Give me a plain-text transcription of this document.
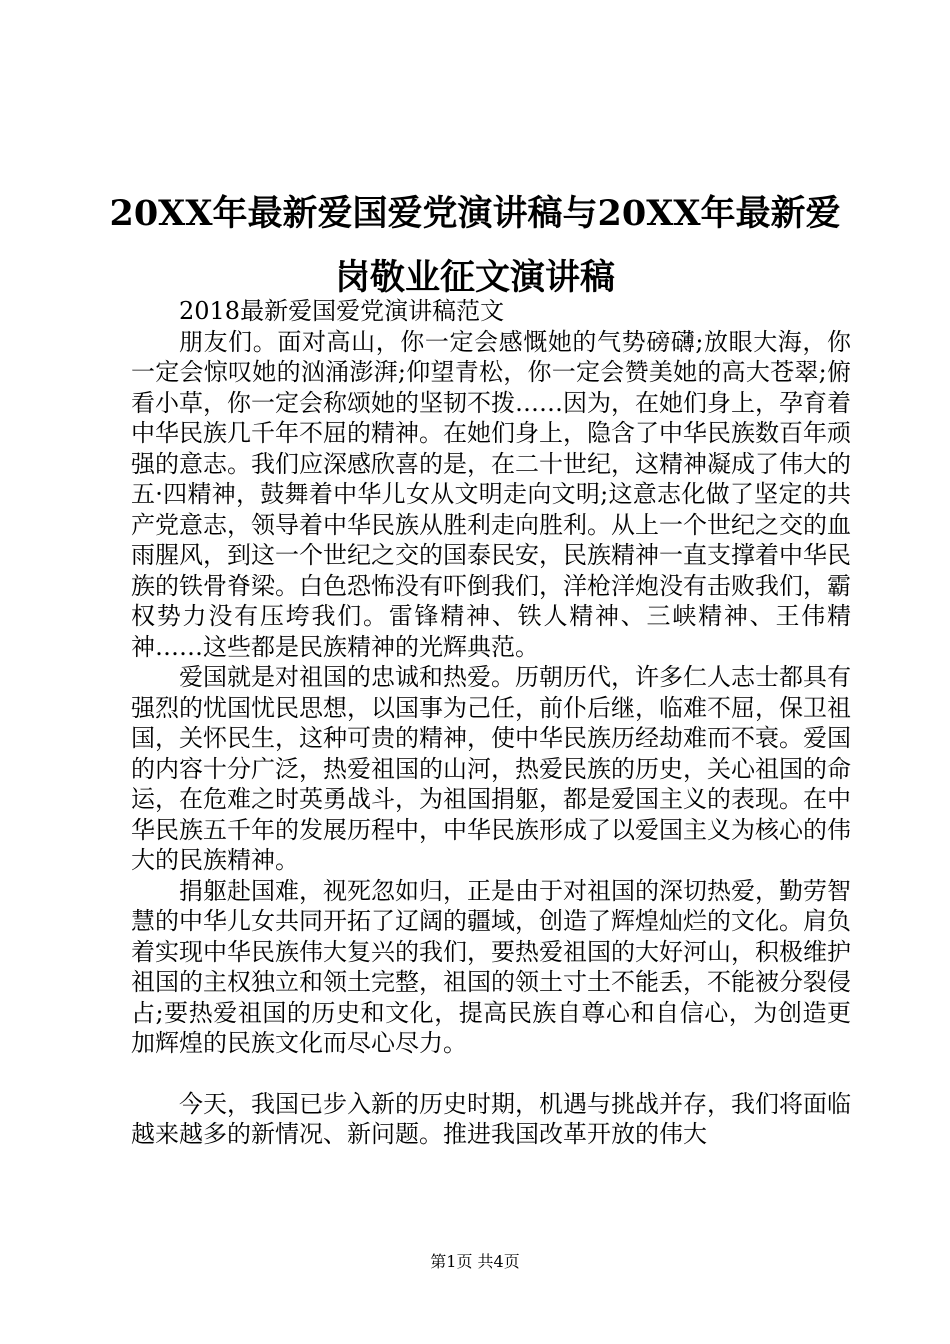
20XX年最新爱国爱党演讲稿与20XX年最新爱
岗敬业征文演讲稿

2018最新爱国爱党演讲稿范文

朋友们。面对高山，你一定会感慨她的气势磅礴;放眼大海，你一定会惊叹她的汹涌澎湃;仰望青松，你一定会赞美她的高大苍翠;俯看小草，你一定会称颂她的坚韧不拨……因为，在她们身上，孕育着中华民族几千年不屈的精神。在她们身上，隐含了中华民族数百年顽强的意志。我们应深感欣喜的是，在二十世纪，这精神凝成了伟大的五·四精神，鼓舞着中华儿女从文明走向文明;这意志化做了坚定的共产党意志，领导着中华民族从胜利走向胜利。从上一个世纪之交的血雨腥风，到这一个世纪之交的国泰民安，民族精神一直支撑着中华民族的铁骨脊梁。白色恐怖没有吓倒我们，洋枪洋炮没有击败我们，霸权势力没有压垮我们。雷锋精神、铁人精神、三峡精神、王伟精神……这些都是民族精神的光辉典范。

爱国就是对祖国的忠诚和热爱。历朝历代，许多仁人志士都具有强烈的忧国忧民思想，以国事为己任，前仆后继，临难不屈，保卫祖国，关怀民生，这种可贵的精神，使中华民族历经劫难而不衰。爱国的内容十分广泛，热爱祖国的山河，热爱民族的历史，关心祖国的命运，在危难之时英勇战斗，为祖国捐躯，都是爱国主义的表现。在中华民族五千年的发展历程中，中华民族形成了以爱国主义为核心的伟大的民族精神。

捐躯赴国难，视死忽如归，正是由于对祖国的深切热爱，勤劳智慧的中华儿女共同开拓了辽阔的疆域，创造了辉煌灿烂的文化。肩负着实现中华民族伟大复兴的我们，要热爱祖国的大好河山，积极维护祖国的主权独立和领土完整，祖国的领土寸土不能丢，不能被分裂侵占;要热爱祖国的历史和文化，提高民族自尊心和自信心，为创造更加辉煌的民族文化而尽心尽力。

今天，我国已步入新的历史时期，机遇与挑战并存，我们将面临越来越多的新情况、新问题。推进我国改革开放的伟大

第1页 共4页
